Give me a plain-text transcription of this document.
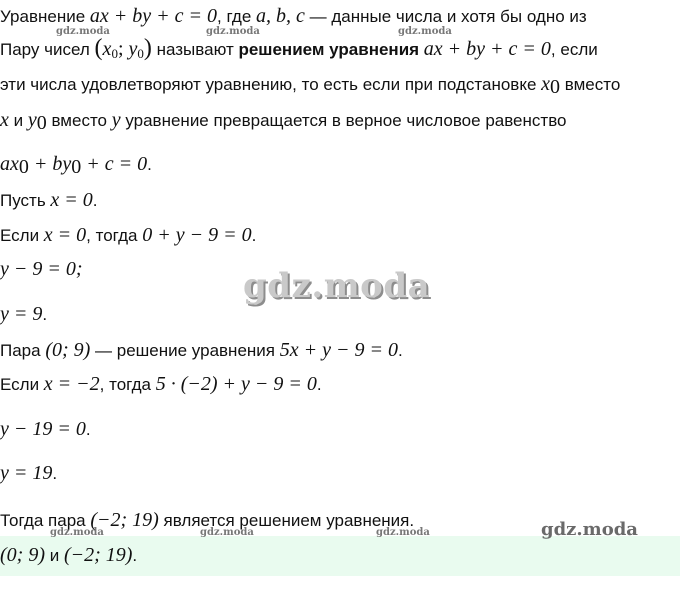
Уравнение ax + by + c = 0, где a, b, c — данные числа и хотя бы одно из
Пару чисел ($x_0$; $y_0$) называют решением уравнения ax + by + c = 0, если
эти числа удовлетворяют уравнению, то есть если при подстановке $x_0$ вместо
x и $y_0$ вместо y уравнение превращается в верное числовое равенство
$ax_0 + by_0 + c = 0$.
Пусть x = 0.
Если x = 0, тогда 0 + y − 9 = 0.
y − 9 = 0;
y = 9.
Пара (0; 9) — решение уравнения 5x + y − 9 = 0.
Если x = −2, тогда 5 · (−2) + y − 9 = 0.
y − 19 = 0.
y = 19.
Тогда пара (−2; 19) является решением уравнения.
(0; 9) и (−2; 19).
gdz.moda	gdz.moda	gdz.moda
gdz.moda	gdz.moda	gdz.moda
gdz.moda
gdz.moda
